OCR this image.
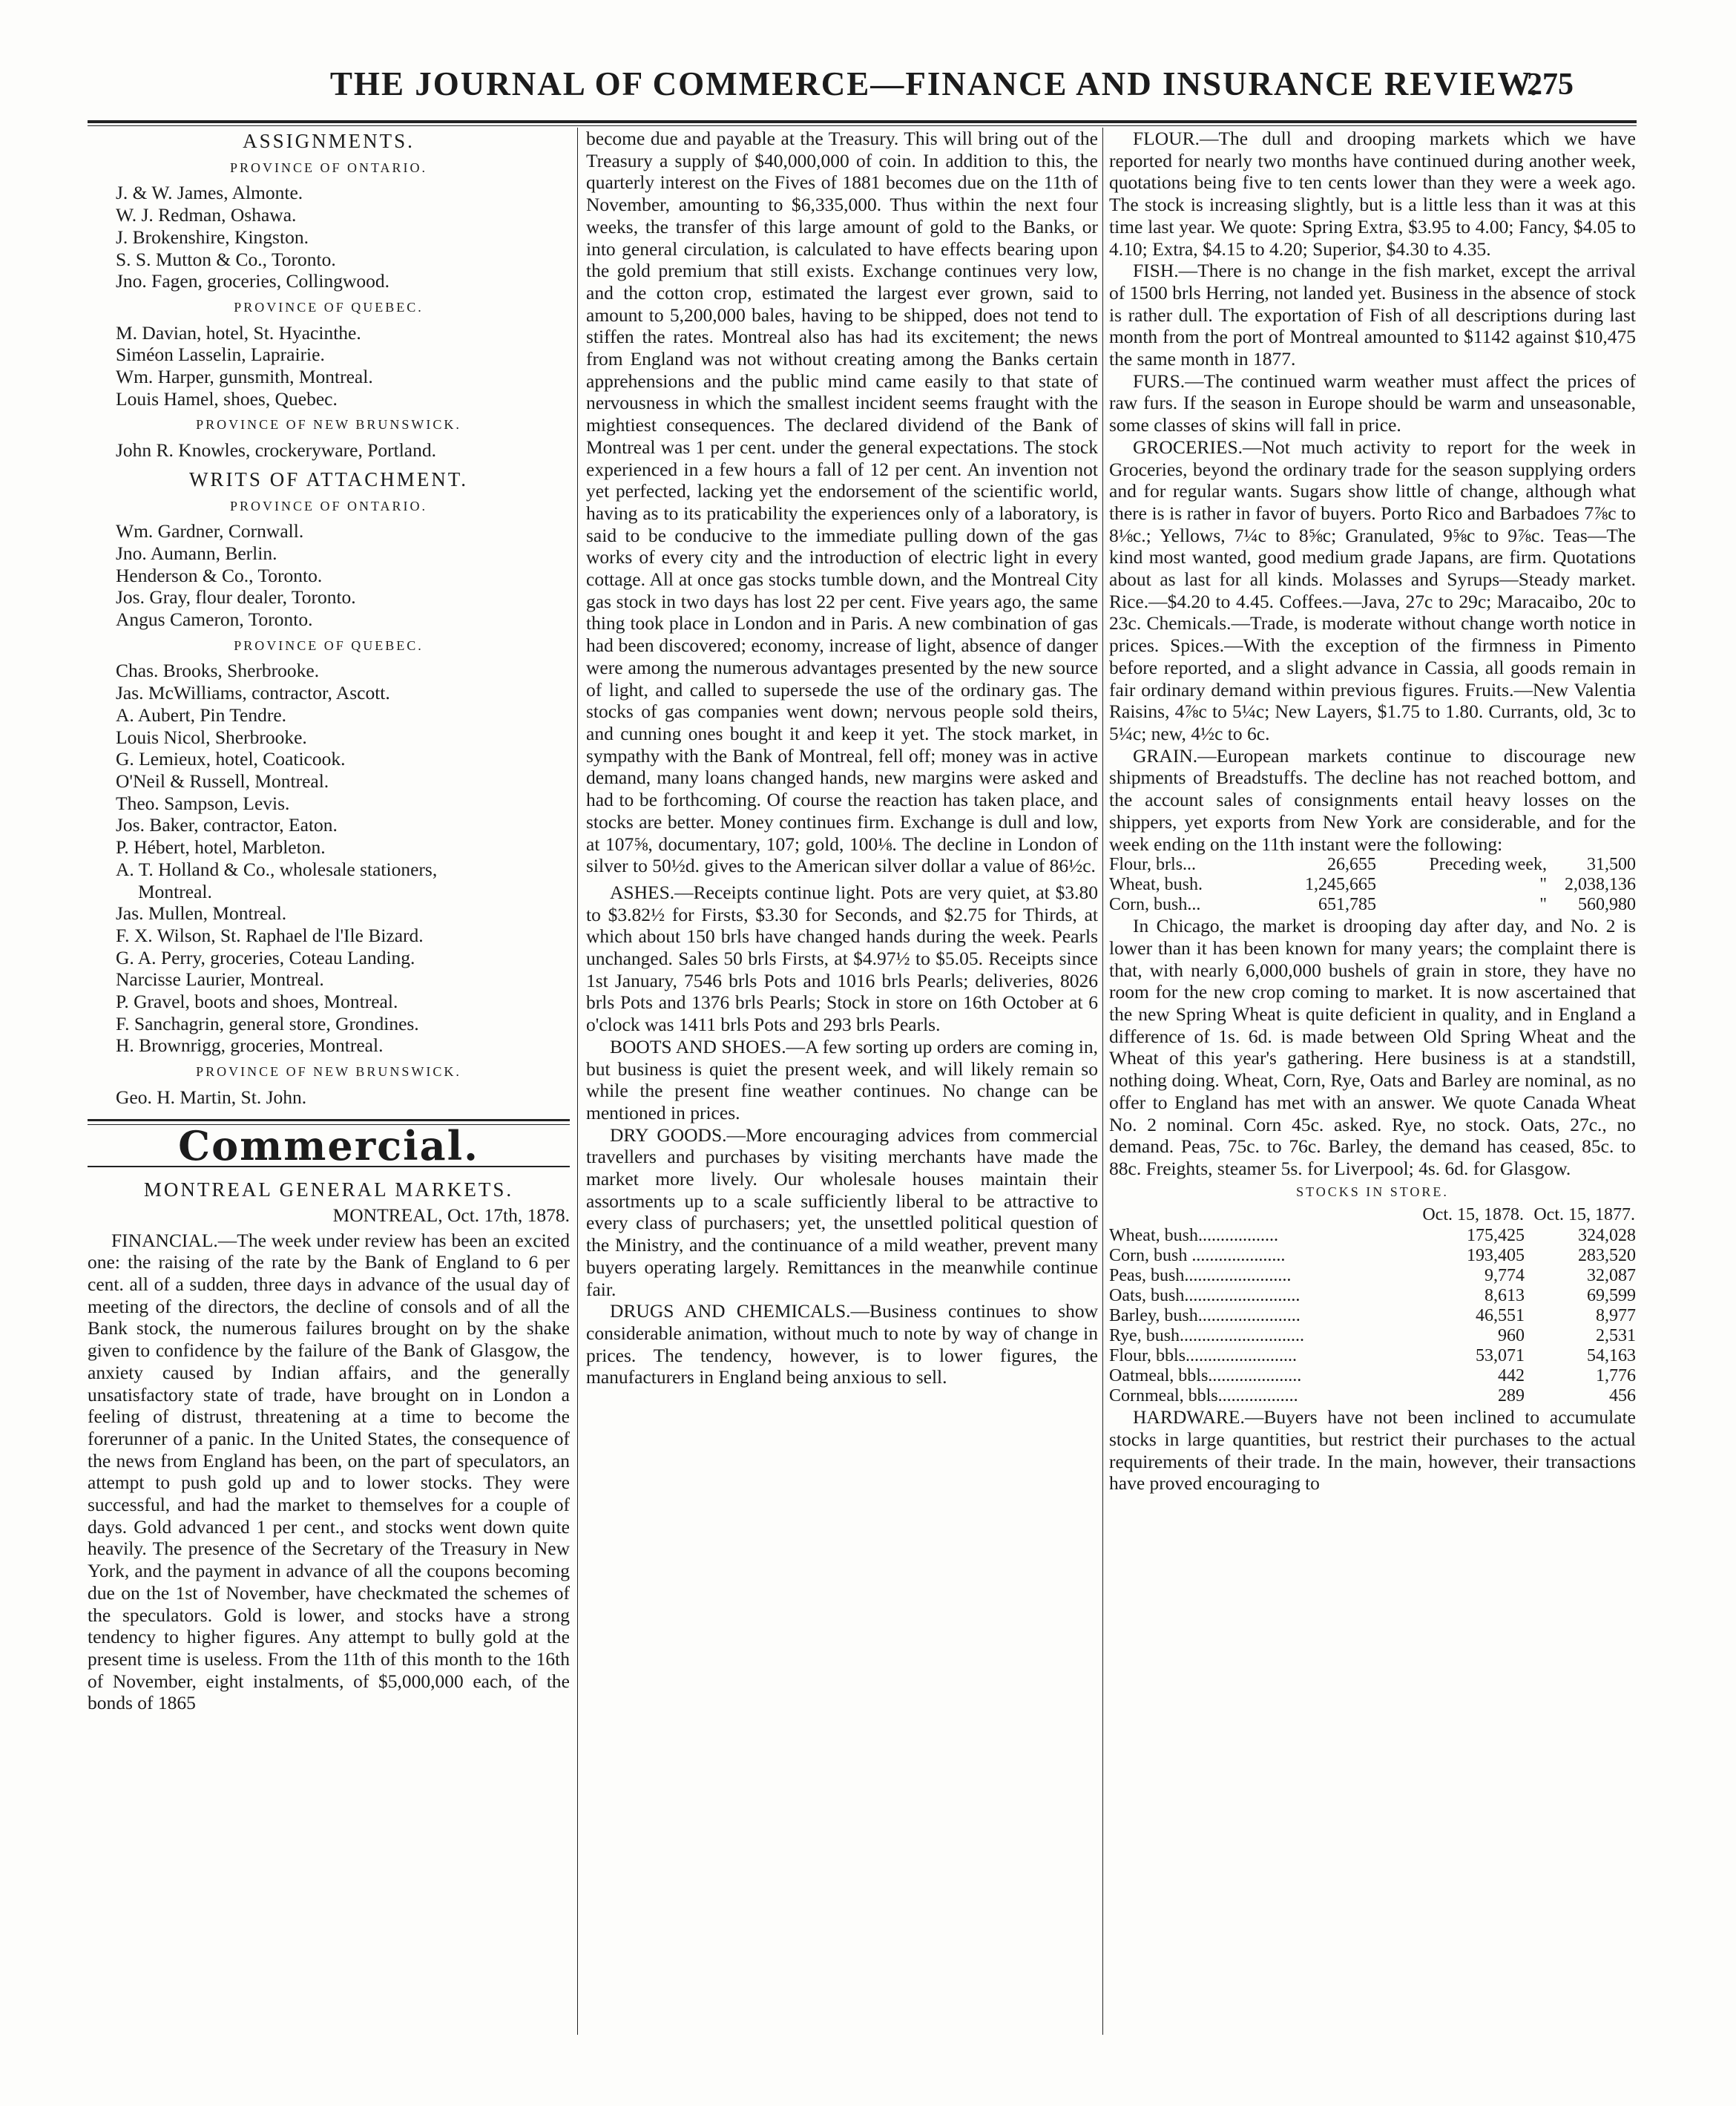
THE JOURNAL OF COMMERCE—FINANCE AND INSURANCE REVIEW.
275
ASSIGNMENTS.
PROVINCE OF ONTARIO.

J. & W. James, Almonte.

W. J. Redman, Oshawa.

J. Brokenshire, Kingston.

S. S. Mutton & Co., Toronto.

Jno. Fagen, groceries, Collingwood.

PROVINCE OF QUEBEC.

M. Davian, hotel, St. Hyacinthe.

Siméon Lasselin, Laprairie.

Wm. Harper, gunsmith, Montreal.

Louis Hamel, shoes, Quebec.

PROVINCE OF NEW BRUNSWICK.

John R. Knowles, crockeryware, Portland.

WRITS OF ATTACHMENT.
PROVINCE OF ONTARIO.

Wm. Gardner, Cornwall.

Jno. Aumann, Berlin.

Henderson & Co., Toronto.

Jos. Gray, flour dealer, Toronto.

Angus Cameron, Toronto.

PROVINCE OF QUEBEC.

Chas. Brooks, Sherbrooke.

Jas. McWilliams, contractor, Ascott.

A. Aubert, Pin Tendre.

Louis Nicol, Sherbrooke.

G. Lemieux, hotel, Coaticook.

O'Neil & Russell, Montreal.

Theo. Sampson, Levis.

Jos. Baker, contractor, Eaton.

P. Hébert, hotel, Marbleton.

A. T. Holland & Co., wholesale stationers,

Montreal.

Jas. Mullen, Montreal.

F. X. Wilson, St. Raphael de l'Ile Bizard.

G. A. Perry, groceries, Coteau Landing.

Narcisse Laurier, Montreal.

P. Gravel, boots and shoes, Montreal.

F. Sanchagrin, general store, Grondines.

H. Brownrigg, groceries, Montreal.

PROVINCE OF NEW BRUNSWICK.

Geo. H. Martin, St. John.

Commercial.
MONTREAL GENERAL MARKETS.
MONTREAL, Oct. 17th, 1878.

FINANCIAL.—The week under review has been an excited one: the raising of the rate by the Bank of England to 6 per cent. all of a sudden, three days in advance of the usual day of meeting of the directors, the decline of consols and of all the Bank stock, the numerous failures brought on by the shake given to confidence by the failure of the Bank of Glasgow, the anxiety caused by Indian affairs, and the generally unsatisfactory state of trade, have brought on in London a feeling of distrust, threatening at a time to become the forerunner of a panic. In the United States, the consequence of the news from England has been, on the part of speculators, an attempt to push gold up and to lower stocks. They were successful, and had the market to themselves for a couple of days. Gold advanced 1 per cent., and stocks went down quite heavily. The presence of the Secretary of the Treasury in New York, and the payment in advance of all the coupons becoming due on the 1st of November, have checkmated the schemes of the speculators. Gold is lower, and stocks have a strong tendency to higher figures. Any attempt to bully gold at the present time is useless. From the 11th of this month to the 16th of November, eight instalments, of $5,000,000 each, of the bonds of 1865

become due and payable at the Treasury. This will bring out of the Treasury a supply of $40,000,000 of coin. In addition to this, the quarterly interest on the Fives of 1881 becomes due on the 11th of November, amounting to $6,335,000. Thus within the next four weeks, the transfer of this large amount of gold to the Banks, or into general circulation, is calculated to have effects bearing upon the gold premium that still exists. Exchange continues very low, and the cotton crop, estimated the largest ever grown, said to amount to 5,200,000 bales, having to be shipped, does not tend to stiffen the rates. Montreal also has had its excitement; the news from England was not without creating among the Banks certain apprehensions and the public mind came easily to that state of nervousness in which the smallest incident seems fraught with the mightiest consequences. The declared dividend of the Bank of Montreal was 1 per cent. under the general expectations. The stock experienced in a few hours a fall of 12 per cent. An invention not yet perfected, lacking yet the endorsement of the scientific world, having as to its praticability the experiences only of a laboratory, is said to be conducive to the immediate pulling down of the gas works of every city and the introduction of electric light in every cottage. All at once gas stocks tumble down, and the Montreal City gas stock in two days has lost 22 per cent. Five years ago, the same thing took place in London and in Paris. A new combination of gas had been discovered; economy, increase of light, absence of danger were among the numerous advantages presented by the new source of light, and called to supersede the use of the ordinary gas. The stocks of gas companies went down; nervous people sold theirs, and cunning ones bought it and keep it yet. The stock market, in sympathy with the Bank of Montreal, fell off; money was in active demand, many loans changed hands, new margins were asked and had to be forthcoming. Of course the reaction has taken place, and stocks are better. Money continues firm. Exchange is dull and low, at 107⅝, documentary, 107; gold, 100⅛. The decline in London of silver to 50½d. gives to the American silver dollar a value of 86½c.

ASHES.—Receipts continue light. Pots are very quiet, at $3.80 to $3.82½ for Firsts, $3.30 for Seconds, and $2.75 for Thirds, at which about 150 brls have changed hands during the week. Pearls unchanged. Sales 50 brls Firsts, at $4.97½ to $5.05. Receipts since 1st January, 7546 brls Pots and 1016 brls Pearls; deliveries, 8026 brls Pots and 1376 brls Pearls; Stock in store on 16th October at 6 o'clock was 1411 brls Pots and 293 brls Pearls.

BOOTS AND SHOES.—A few sorting up orders are coming in, but business is quiet the present week, and will likely remain so while the present fine weather continues. No change can be mentioned in prices.

DRY GOODS.—More encouraging advices from commercial travellers and purchases by visiting merchants have made the market more lively. Our wholesale houses maintain their assortments up to a scale sufficiently liberal to be attractive to every class of purchasers; yet, the unsettled political question of the Ministry, and the continuance of a mild weather, prevent many buyers operating largely. Remittances in the meanwhile continue fair.

DRUGS AND CHEMICALS.—Business continues to show considerable animation, without much to note by way of change in prices. The tendency, however, is to lower figures, the manufacturers in England being anxious to sell.

FLOUR.—The dull and drooping markets which we have reported for nearly two months have continued during another week, quotations being five to ten cents lower than they were a week ago. The stock is increasing slightly, but is a little less than it was at this time last year. We quote: Spring Extra, $3.95 to 4.00; Fancy, $4.05 to 4.10; Extra, $4.15 to 4.20; Superior, $4.30 to 4.35.

FISH.—There is no change in the fish market, except the arrival of 1500 brls Herring, not landed yet. Business in the absence of stock is rather dull. The exportation of Fish of all descriptions during last month from the port of Montreal amounted to $1142 against $10,475 the same month in 1877.

FURS.—The continued warm weather must affect the prices of raw furs. If the season in Europe should be warm and unseasonable, some classes of skins will fall in price.

GROCERIES.—Not much activity to report for the week in Groceries, beyond the ordinary trade for the season supplying orders and for regular wants. Sugars show little of change, although what there is is rather in favor of buyers. Porto Rico and Barbadoes 7⅞c to 8⅛c.; Yellows, 7¼c to 8⅝c; Granulated, 9⅝c to 9⅞c. Teas—The kind most wanted, good medium grade Japans, are firm. Quotations about as last for all kinds. Molasses and Syrups—Steady market. Rice.—$4.20 to 4.45. Coffees.—Java, 27c to 29c; Maracaibo, 20c to 23c. Chemicals.—Trade, is moderate without change worth notice in prices. Spices.—With the exception of the firmness in Pimento before reported, and a slight advance in Cassia, all goods remain in fair ordinary demand within previous figures. Fruits.—New Valentia Raisins, 4⅞c to 5¼c; New Layers, $1.75 to 1.80. Currants, old, 3c to 5¼c; new, 4½c to 6c.

GRAIN.—European markets continue to discourage new shipments of Breadstuffs. The decline has not reached bottom, and the account sales of consignments entail heavy losses on the shippers, yet exports from New York are considerable, and for the week ending on the 11th instant were the following:

Flour, brls...	26,655	Preceding week,	31,500
Wheat, bush.	1,245,665	"	2,038,136
Corn, bush...	651,785	"	560,980

In Chicago, the market is drooping day after day, and No. 2 is lower than it has been known for many years; the complaint there is that, with nearly 6,000,000 bushels of grain in store, they have no room for the new crop coming to market. It is now ascertained that the new Spring Wheat is quite deficient in quality, and in England a difference of 1s. 6d. is made between Old Spring Wheat and the Wheat of this year's gathering. Here business is at a standstill, nothing doing. Wheat, Corn, Rye, Oats and Barley are nominal, as no offer to England has met with an answer. We quote Canada Wheat No. 2 nominal. Corn 45c. asked. Rye, no stock. Oats, 27c., no demand. Peas, 75c. to 76c. Barley, the demand has ceased, 85c. to 88c. Freights, steamer 5s. for Liverpool; 4s. 6d. for Glasgow.

STOCKS IN STORE.
	Oct. 15, 1878.	Oct. 15, 1877.
Wheat, bush..................	175,425	324,028
Corn, bush .....................	193,405	283,520
Peas, bush........................	9,774	32,087
Oats, bush..........................	8,613	69,599
Barley, bush.......................	46,551	8,977
Rye, bush............................	960	2,531
Flour, bbls.........................	53,071	54,163
Oatmeal, bbls.....................	442	1,776
Cornmeal, bbls..................	289	456

HARDWARE.—Buyers have not been inclined to accumulate stocks in large quantities, but restrict their purchases to the actual requirements of their trade. In the main, however, their transactions have proved encouraging to
